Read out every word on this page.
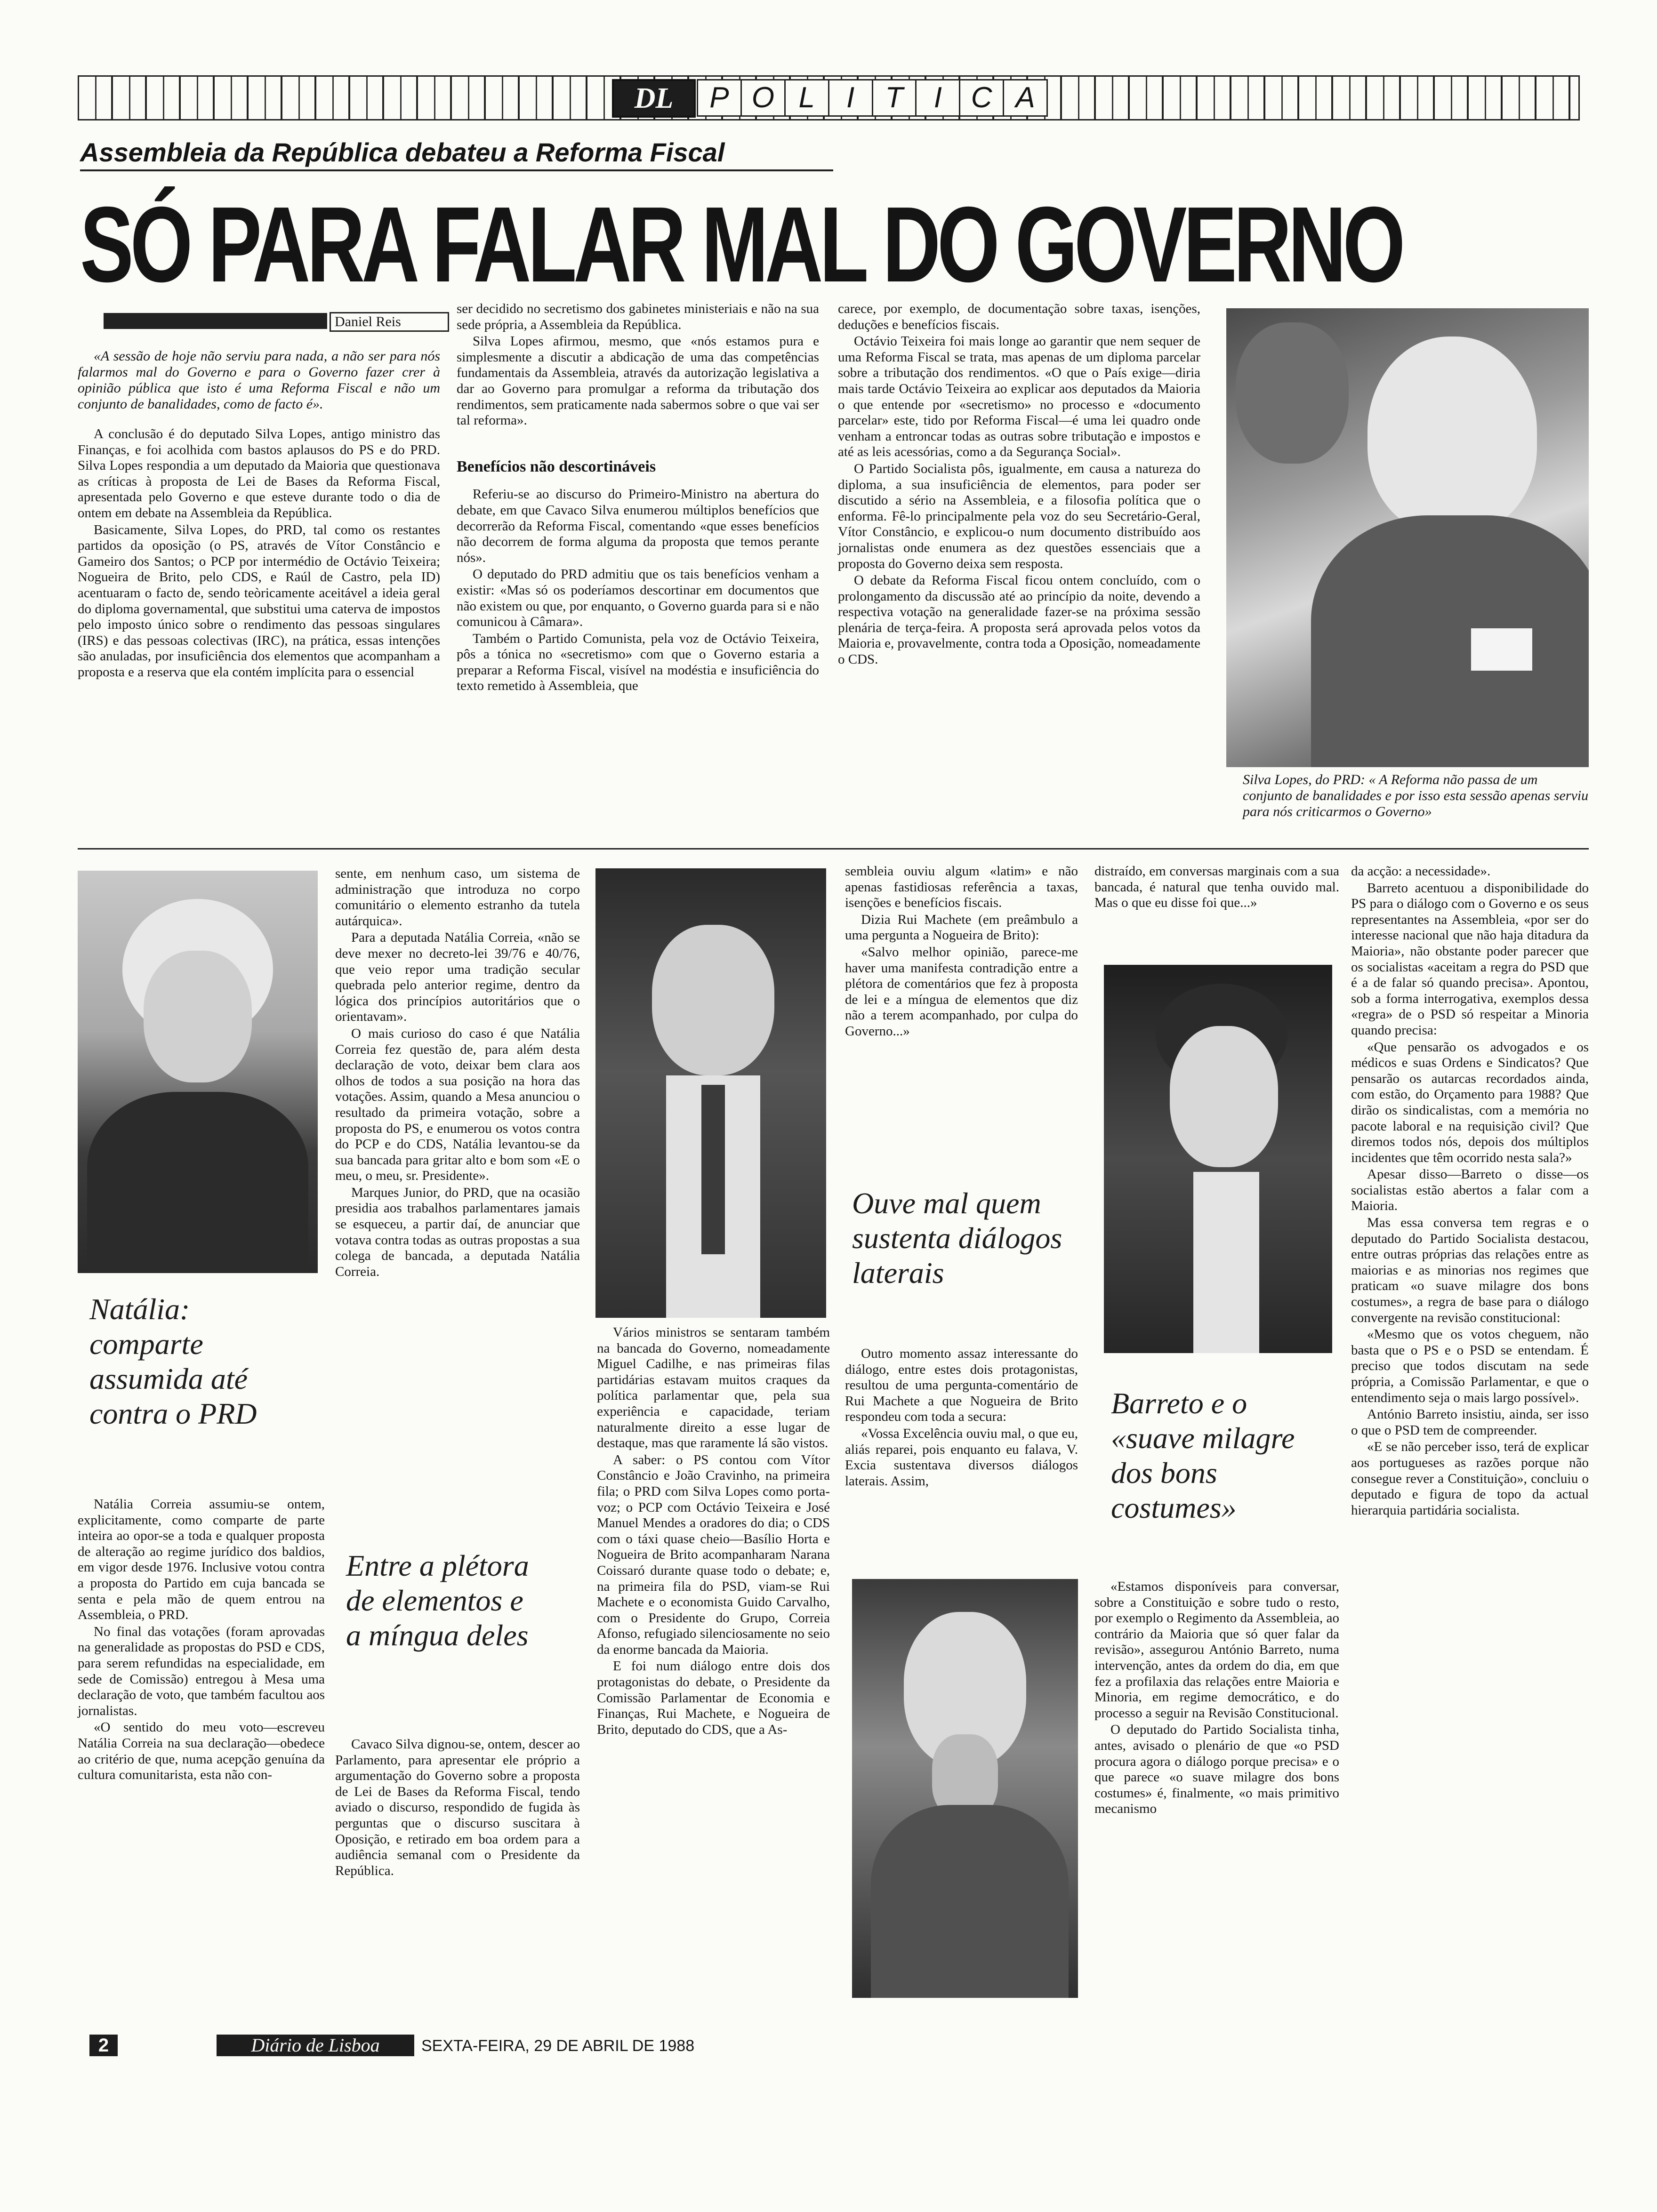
DL	P O L	I	T	I C A
Assembleia da República debateu a Reforma Fiscal
SÓ PARA FALAR MAL DO GOVERNO
Daniel Reis

«A sessão de hoje não serviu para nada, a não ser para nós falarmos mal do Governo e para o Governo fazer crer à opinião pública que isto é uma Reforma Fiscal e não um conjunto de banalidades, como de facto é».

A conclusão é do deputado Silva Lopes, antigo ministro das Finanças, e foi acolhida com bastos aplausos do PS e do PRD. Silva Lopes respondia a um deputado da Maioria que questionava as críticas à proposta de Lei de Bases da Reforma Fiscal, apresentada pelo Governo e que esteve durante todo o dia de ontem em debate na Assembleia da República.

Basicamente, Silva Lopes, do PRD, tal como os restantes partidos da oposição (o PS, através de Vítor Constâncio e Gameiro dos Santos; o PCP por intermédio de Octávio Teixeira; Nogueira de Brito, pelo CDS, e Raúl de Castro, pela ID) acentuaram o facto de, sendo teòricamente aceitável a ideia geral do diploma governamental, que substitui uma caterva de impostos pelo imposto único sobre o rendimento das pessoas singulares (IRS) e das pessoas colectivas (IRC), na prática, essas intenções são anuladas, por insuficiência dos elementos que acompanham a proposta e a reserva que ela contém implícita para o essencial

ser decidido no secretismo dos gabinetes ministeriais e não na sua sede própria, a Assembleia da República.

Silva Lopes afirmou, mesmo, que «nós estamos pura e simplesmente a discutir a abdicação de uma das competências fundamentais da Assembleia, através da autorização legislativa a dar ao Governo para promulgar a reforma da tributação dos rendimentos, sem praticamente nada sabermos sobre o que vai ser tal reforma».

Benefícios não descortináveis

Referiu-se ao discurso do Primeiro-Ministro na abertura do debate, em que Cavaco Silva enumerou múltiplos benefícios que decorrerão da Reforma Fiscal, comentando «que esses benefícios não decorrem de forma alguma da proposta que temos perante nós».

O deputado do PRD admitiu que os tais benefícios venham a existir: «Mas só os poderíamos descortinar em documentos que não existem ou que, por enquanto, o Governo guarda para si e não comunicou à Câmara».

Também o Partido Comunista, pela voz de Octávio Teixeira, pôs a tónica no «secretismo» com que o Governo estaria a preparar a Reforma Fiscal, visível na modéstia e insuficiência do texto remetido à Assembleia, que

carece, por exemplo, de documentação sobre taxas, isenções, deduções e benefícios fiscais.

Octávio Teixeira foi mais longe ao garantir que nem sequer de uma Reforma Fiscal se trata, mas apenas de um diploma parcelar sobre a tributação dos rendimentos. «O que o País exige—diria mais tarde Octávio Teixeira ao explicar aos deputados da Maioria o que entende por «secretismo» no processo e «documento parcelar» este, tido por Reforma Fiscal—é uma lei quadro onde venham a entroncar todas as outras sobre tributação e impostos e até as leis acessórias, como a da Segurança Social».

O Partido Socialista pôs, igualmente, em causa a natureza do diploma, a sua insuficiência de elementos, para poder ser discutido a sério na Assembleia, e a filosofia política que o enforma. Fê-lo principalmente pela voz do seu Secretário-Geral, Vítor Constâncio, e explicou-o num documento distribuído aos jornalistas onde enumera as dez questões essenciais que a proposta do Governo deixa sem resposta.

O debate da Reforma Fiscal ficou ontem concluído, com o prolongamento da discussão até ao princípio da noite, devendo a respectiva votação na generalidade fazer-se na próxima sessão plenária de terça-feira. A proposta será aprovada pelos votos da Maioria e, provavelmente, contra toda a Oposição, nomeadamente o CDS.

Silva Lopes, do PRD: « A Reforma não passa de um conjunto de banalidades e por isso esta sessão apenas serviu para nós criticarmos o Governo»
Natália: comparte assumida até contra o PRD

Natália Correia assumiu-se ontem, explicitamente, como comparte de parte inteira ao opor-se a toda e qualquer proposta de alteração ao regime jurídico dos baldios, em vigor desde 1976. Inclusive votou contra a proposta do Partido em cuja bancada se senta e pela mão de quem entrou na Assembleia, o PRD.

No final das votações (foram aprovadas na generalidade as propostas do PSD e CDS, para serem refundidas na especialidade, em sede de Comissão) entregou à Mesa uma declaração de voto, que também facultou aos jornalistas.

«O sentido do meu voto—escreveu Natália Correia na sua declaração—obedece ao critério de que, numa acepção genuína da cultura comunitarista, esta não con-

sente, em nenhum caso, um sistema de administração que introduza no corpo comunitário o elemento estranho da tutela autárquica».

Para a deputada Natália Correia, «não se deve mexer no decreto-lei 39/76 e 40/76, que veio repor uma tradição secular quebrada pelo anterior regime, dentro da lógica dos princípios autoritários que o orientavam».

O mais curioso do caso é que Natália Correia fez questão de, para além desta declaração de voto, deixar bem clara aos olhos de todos a sua posição na hora das votações. Assim, quando a Mesa anunciou o resultado da primeira votação, sobre a proposta do PS, e enumerou os votos contra do PCP e do CDS, Natália levantou-se da sua bancada para gritar alto e bom som «E o meu, o meu, sr. Presidente».

Marques Junior, do PRD, que na ocasião presidia aos trabalhos parlamentares jamais se esqueceu, a partir daí, de anunciar que votava contra todas as outras propostas a sua colega de bancada, a deputada Natália Correia.

Entre a plétora de elementos e a míngua deles

Cavaco Silva dignou-se, ontem, descer ao Parlamento, para apresentar ele próprio a argumentação do Governo sobre a proposta de Lei de Bases da Reforma Fiscal, tendo aviado o discurso, respondido de fugida às perguntas que o discurso suscitara à Oposição, e retirado em boa ordem para a audiência semanal com o Presidente da República.

Vários ministros se sentaram também na bancada do Governo, nomeadamente Miguel Cadilhe, e nas primeiras filas partidárias estavam muitos craques da política parlamentar que, pela sua experiência e capacidade, teriam naturalmente direito a esse lugar de destaque, mas que raramente lá são vistos.

A saber: o PS contou com Vítor Constâncio e João Cravinho, na primeira fila; o PRD com Silva Lopes como porta-voz; o PCP com Octávio Teixeira e José Manuel Mendes a oradores do dia; o CDS com o táxi quase cheio—Basílio Horta e Nogueira de Brito acompanharam Narana Coissaró durante quase todo o debate; e, na primeira fila do PSD, viam-se Rui Machete e o economista Guido Carvalho, com o Presidente do Grupo, Correia Afonso, refugiado silenciosamente no seio da enorme bancada da Maioria.

E foi num diálogo entre dois dos protagonistas do debate, o Presidente da Comissão Parlamentar de Economia e Finanças, Rui Machete, e Nogueira de Brito, deputado do CDS, que a As-

sembleia ouviu algum «latim» e não apenas fastidiosas referência a taxas, isenções e benefícios fiscais.

Dizia Rui Machete (em preâmbulo a uma pergunta a Nogueira de Brito):

«Salvo melhor opinião, parece-me haver uma manifesta contradição entre a plétora de comentários que fez à proposta de lei e a míngua de elementos que diz não a terem acompanhado, por culpa do Governo...»

Ouve mal quem sustenta diálogos laterais

Outro momento assaz interessante do diálogo, entre estes dois protagonistas, resultou de uma pergunta-comentário de Rui Machete a que Nogueira de Brito respondeu com toda a secura:

«Vossa Excelência ouviu mal, o que eu, aliás reparei, pois enquanto eu falava, V. Excia sustentava diversos diálogos laterais. Assim,

distraído, em conversas marginais com a sua bancada, é natural que tenha ouvido mal. Mas o que eu disse foi que...»

Barreto e o «suave milagre dos bons costumes»

«Estamos disponíveis para conversar, sobre a Constituição e sobre tudo o resto, por exemplo o Regimento da Assembleia, ao contrário da Maioria que só quer falar da revisão», assegurou António Barreto, numa intervenção, antes da ordem do dia, em que fez a profilaxia das relações entre Maioria e Minoria, em regime democrático, e do processo a seguir na Revisão Constitucional.

O deputado do Partido Socialista tinha, antes, avisado o plenário de que «o PSD procura agora o diálogo porque precisa» e o que parece «o suave milagre dos bons costumes» é, finalmente, «o mais primitivo mecanismo

da acção: a necessidade».

Barreto acentuou a disponibilidade do PS para o diálogo com o Governo e os seus representantes na Assembleia, «por ser do interesse nacional que não haja ditadura da Maioria», não obstante poder parecer que os socialistas «aceitam a regra do PSD que é a de falar só quando precisa». Apontou, sob a forma interrogativa, exemplos dessa «regra» de o PSD só respeitar a Minoria quando precisa:

«Que pensarão os advogados e os médicos e suas Ordens e Sindicatos? Que pensarão os autarcas recordados ainda, com estão, do Orçamento para 1988? Que dirão os sindicalistas, com a memória no pacote laboral e na requisição civil? Que diremos todos nós, depois dos múltiplos incidentes que têm ocorrido nesta sala?»

Apesar disso—Barreto o disse—os socialistas estão abertos a falar com a Maioria.

Mas essa conversa tem regras e o deputado do Partido Socialista destacou, entre outras próprias das relações entre as maiorias e as minorias nos regimes que praticam «o suave milagre dos bons costumes», a regra de base para o diálogo convergente na revisão constitucional:

«Mesmo que os votos cheguem, não basta que o PS e o PSD se entendam. É preciso que todos discutam na sede própria, a Comissão Parlamentar, e que o entendimento seja o mais largo possível».

António Barreto insistiu, ainda, ser isso o que o PSD tem de compreender.

«E se não perceber isso, terá de explicar aos portugueses as razões porque não consegue rever a Constituição», concluiu o deputado e figura de topo da actual hierarquia partidária socialista.

2	Diário de Lisboa	SEXTA-FEIRA, 29 DE ABRIL DE 1988
